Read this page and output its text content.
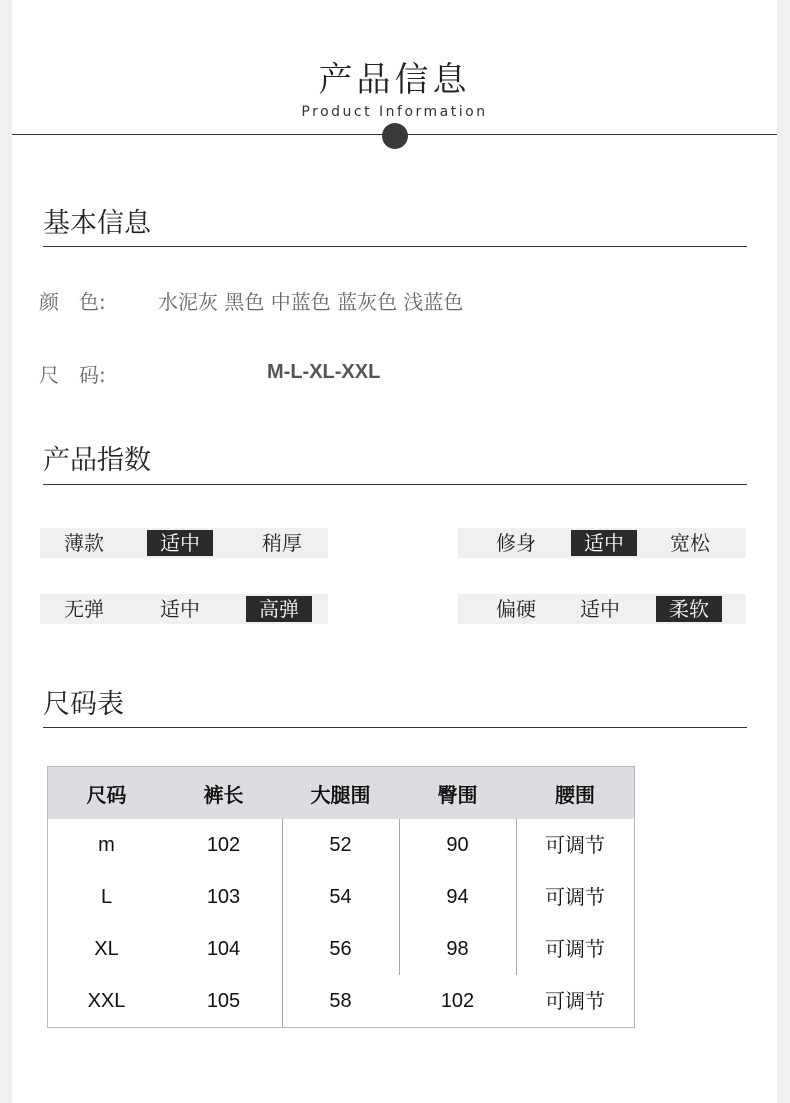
产品信息
Product Information
基本信息
颜　色:	水泥灰 黑色 中蓝色 蓝灰色 浅蓝色
尺　码:	M-L-XL-XXL
产品指数
薄款	适中	稍厚	修身	适中	宽松
无弹	适中	高弹	偏硬	适中	柔软
尺码表
尺码	裤长	大腿围	臀围	腰围
m	102	52	90	可调节
L	103	54	94	可调节
XL	104	56	98	可调节
XXL	105	58	102	可调节
